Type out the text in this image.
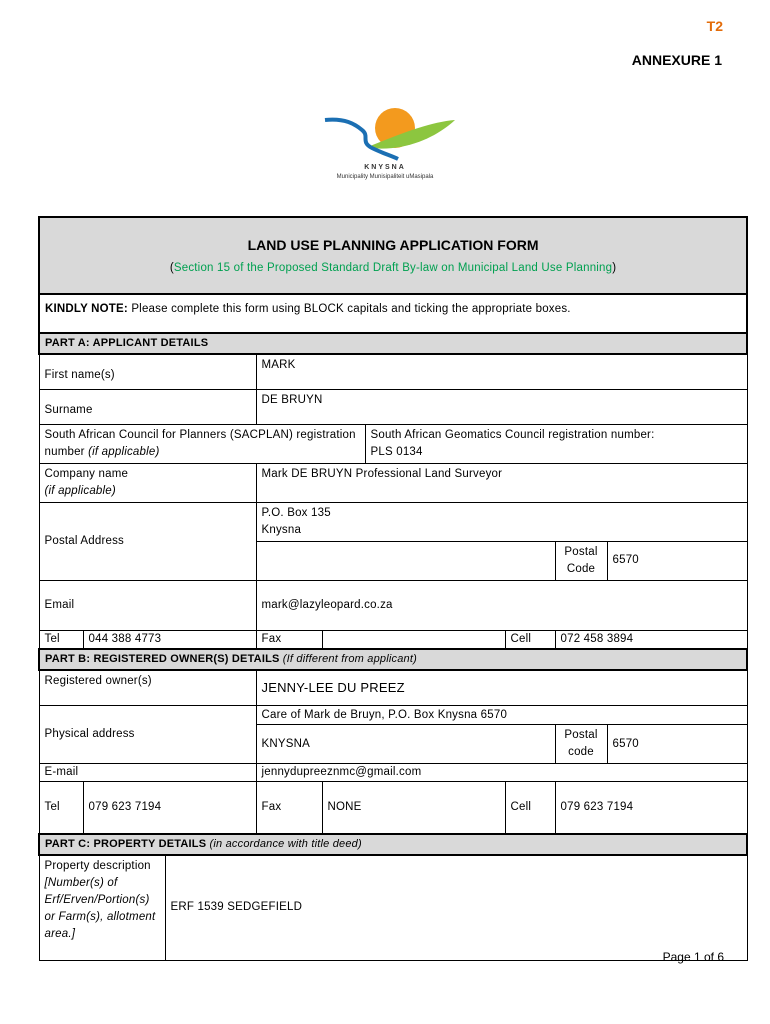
T2
ANNEXURE 1
KNYSNA
Municipality Munisipaliteit uMasipala
LAND USE PLANNING APPLICATION FORM
(Section 15 of the Proposed Standard Draft By-law on Municipal Land Use Planning)								

KINDLY NOTE: Please complete this form using BLOCK capitals and ticking the appropriate boxes.								
PART A: APPLICANT DETAILS								
First name(s)			MARK					
Surname			DE BRUYN					
South African Council for Planners (SACPLAN) registration number (if applicable)					South African Geomatics Council registration number:
PLS 0134			

Company name
(if applicable)			Mark DE BRUYN Professional Land Surveyor					
Postal Address			P.O. Box 135
Knysna					

							Postal Code	6570
Email			mark@lazyleopard.co.za					
Tel	044 388 4773		Fax			Cell	072 458 3894	
PART B: REGISTERED OWNER(S) DETAILS (If different from applicant)								
Registered owner(s)			JENNY-LEE DU PREEZ					
Physical address			Care of Mark de Bruyn, P.O. Box Knysna 6570					
			KNYSNA				Postal code	6570
E-mail			jennydupreeznmc@gmail.com					
Tel	079 623 7194		Fax	NONE		Cell	079 623 7194	
PART C: PROPERTY DETAILS (in accordance with title deed)								

Property description
[Number(s) of Erf/Erven/Portion(s) or Farm(s), allotment area.]		ERF 1539 SEDGEFIELD						
Page 1 of 6
